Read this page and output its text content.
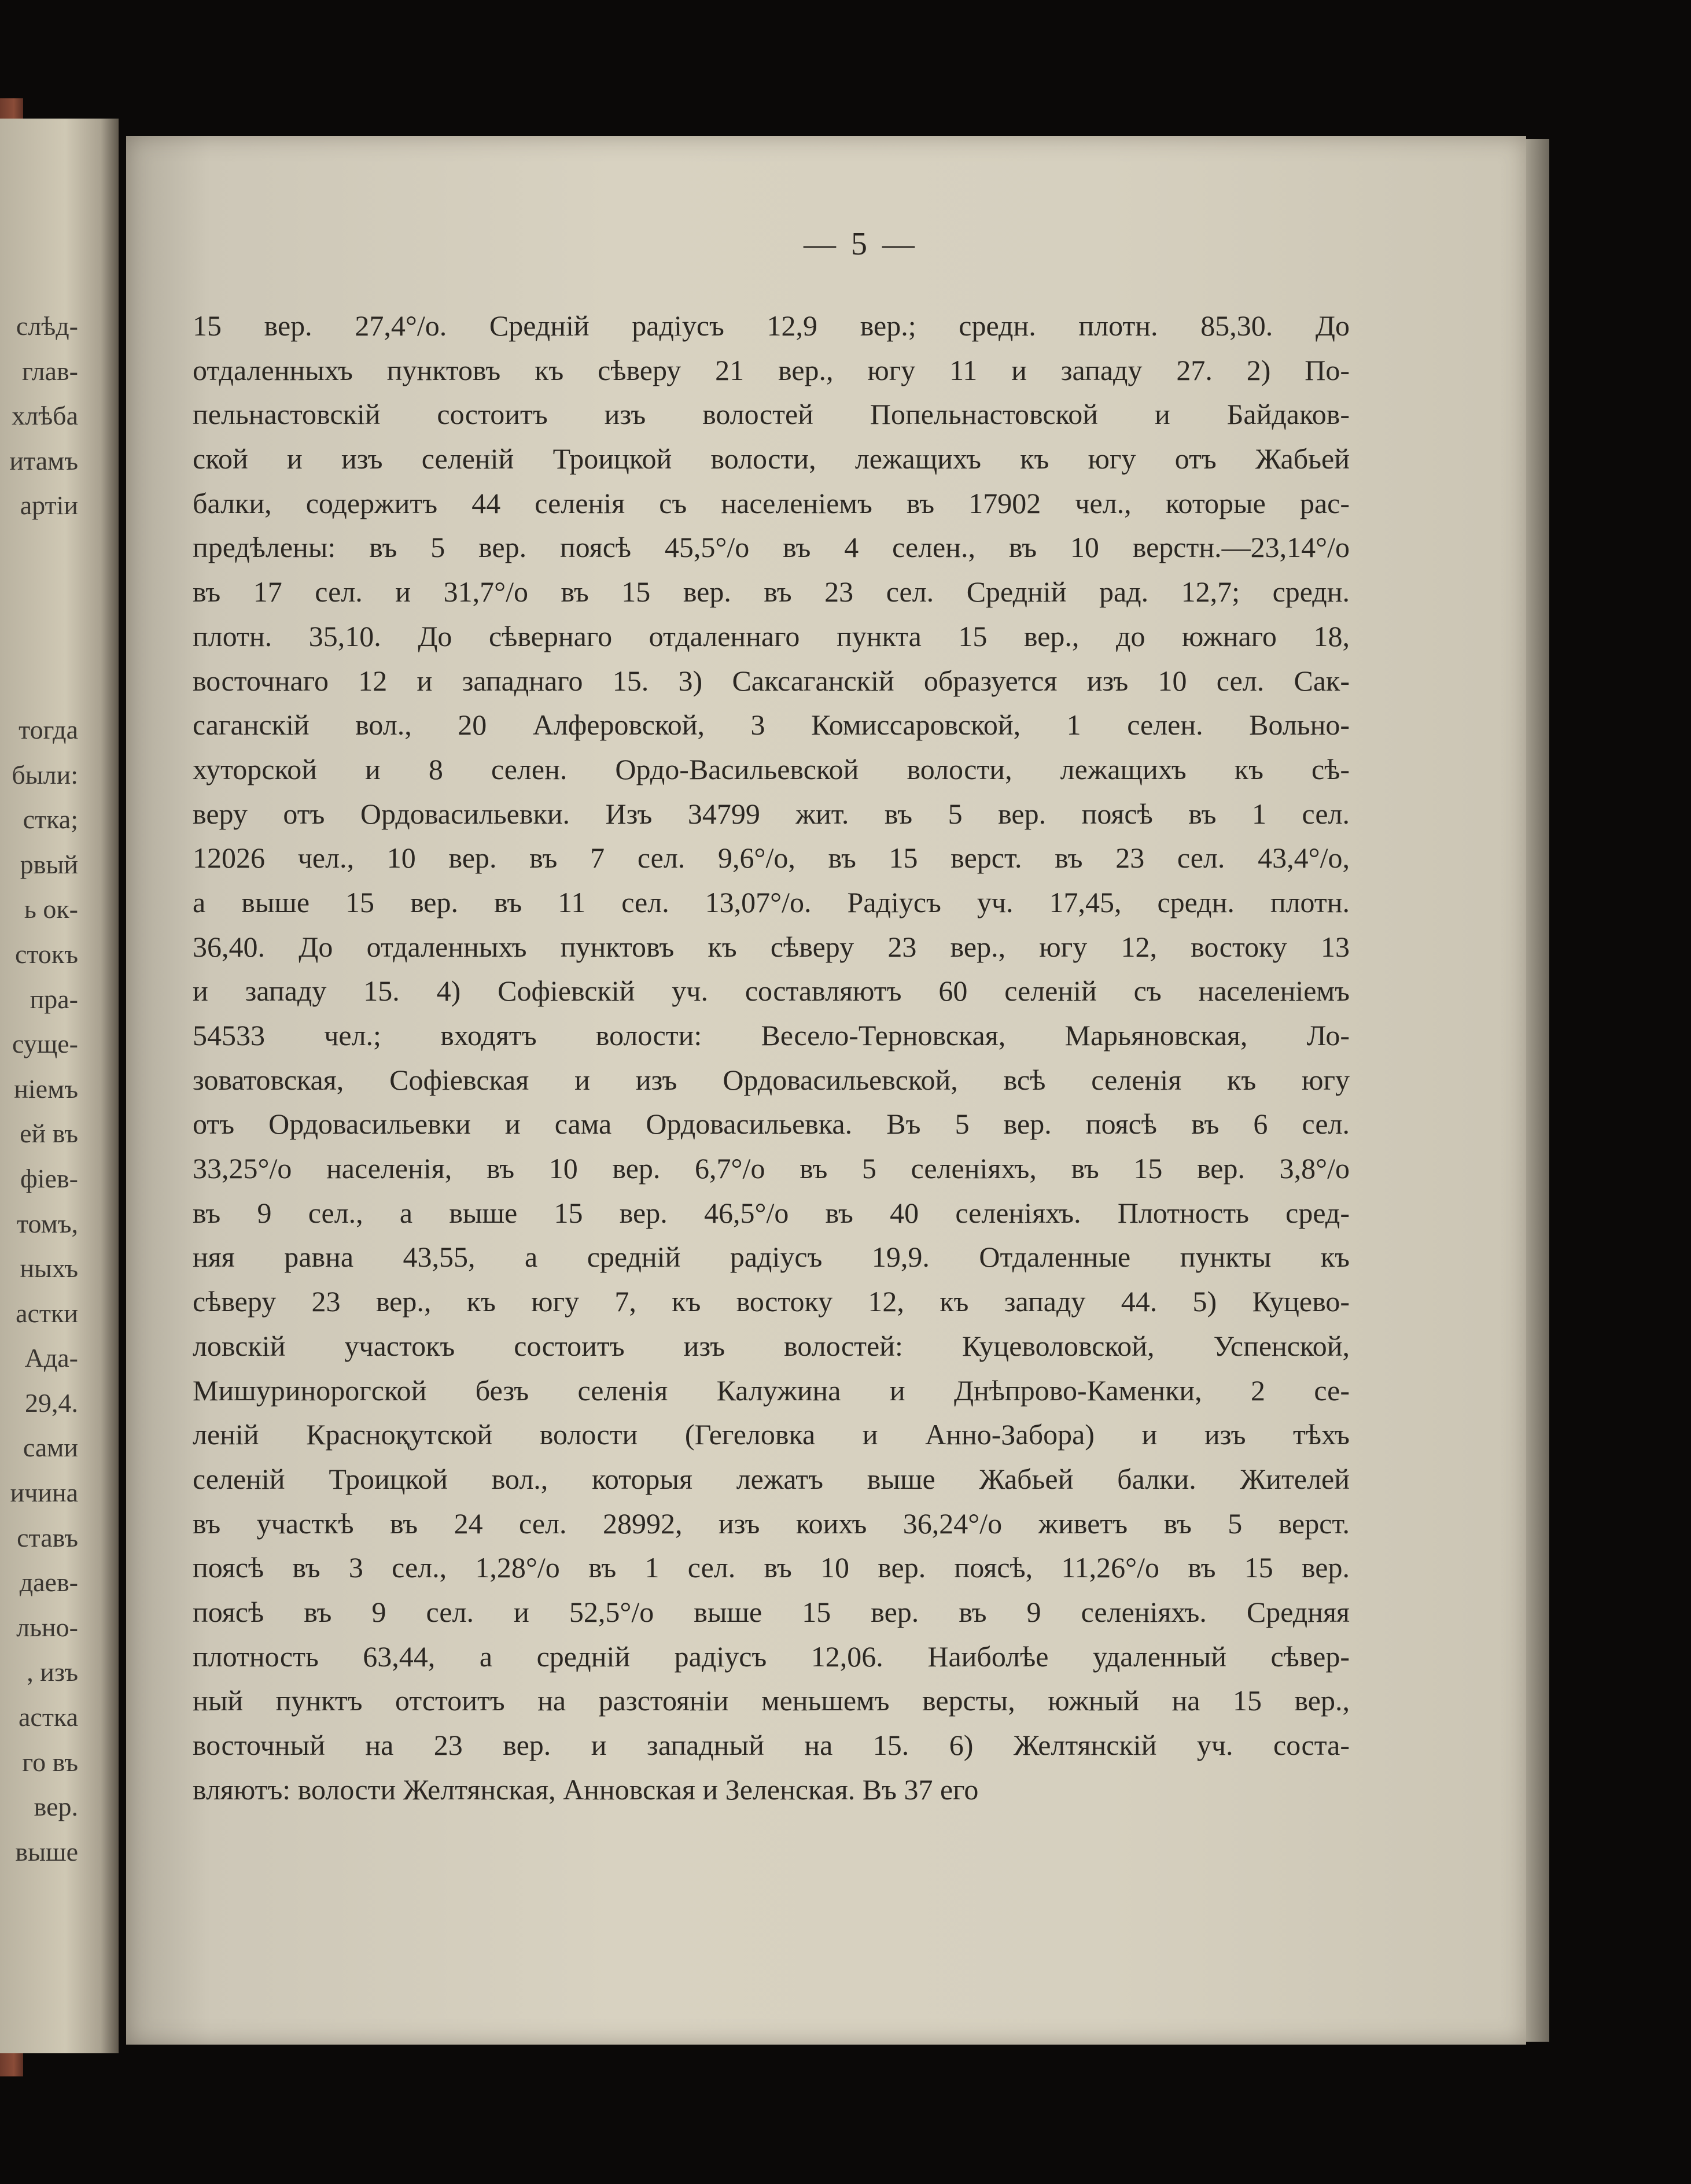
слѣд-
глав-
хлѣба
итамъ
артіи
тогда
были:
стка;
рвый
ь ок-
стокъ
пра-
суще-
ніемъ
ей въ
фіев-
томъ,
ныхъ
астки
Ада-
29,4.
сами
ичина
ставъ
даев-
льно-
, изъ
астка
го въ
вер.
выше
— 5 —
15 вер. 27,4°/о. Средній радіусъ 12,9 вер.; средн. плотн. 85,30. До
отдаленныхъ пунктовъ къ сѣверу 21 вер., югу 11 и западу 27. 2) По-
пельнастовскій состоитъ изъ волостей Попельнастовской и Байдаков-
ской и изъ селеній Троицкой волости, лежащихъ къ югу отъ Жабьей
балки, содержитъ 44 селенія съ населеніемъ въ 17902 чел., которые рас-
предѣлены: въ 5 вер. поясѣ 45,5°/о въ 4 селен., въ 10 верстн.—23,14°/о
въ 17 сел. и 31,7°/о въ 15 вер. въ 23 сел. Средній рад. 12,7; средн.
плотн. 35,10. До сѣвернаго отдаленнаго пункта 15 вер., до южнаго 18,
восточнаго 12 и западнаго 15. 3) Саксаганскій образуется изъ 10 сел. Сак-
саганскій вол., 20 Алферовской, 3 Комиссаровской, 1 селен. Вольно-
хуторской и 8 селен. Ордо-Васильевской волости, лежащихъ къ сѣ-
веру отъ Ордовасильевки. Изъ 34799 жит. въ 5 вер. поясѣ въ 1 сел.
12026 чел., 10 вер. въ 7 сел. 9,6°/о, въ 15 верст. въ 23 сел. 43,4°/о,
а выше 15 вер. въ 11 сел. 13,07°/о. Радіусъ уч. 17,45, средн. плотн.
36,40. До отдаленныхъ пунктовъ къ сѣверу 23 вер., югу 12, востоку 13
и западу 15. 4) Софіевскій уч. составляютъ 60 селеній съ населеніемъ
54533 чел.; входятъ волости: Весело-Терновская, Марьяновская, Ло-
зоватовская, Софіевская и изъ Ордовасильевской, всѣ селенія къ югу
отъ Ордовасильевки и сама Ордовасильевка. Въ 5 вер. поясѣ въ 6 сел.
33,25°/о населенія, въ 10 вер. 6,7°/о въ 5 селеніяхъ, въ 15 вер. 3,8°/о
въ 9 сел., а выше 15 вер. 46,5°/о въ 40 селеніяхъ. Плотность сред-
няя равна 43,55, а средній радіусъ 19,9. Отдаленные пункты къ
сѣверу 23 вер., къ югу 7, къ востоку 12, къ западу 44. 5) Куцево-
ловскій участокъ состоитъ изъ волостей: Куцеволовской, Успенской,
Мишуринорогской безъ селенія Калужина и Днѣпрово-Каменки, 2 се-
леній Красноқутской волости (Гегеловка и Анно-Забора) и изъ тѣхъ
селеній Троицкой вол., которыя лежатъ выше Жабьей балки. Жителей
въ участкѣ въ 24 сел. 28992, изъ коихъ 36,24°/о живетъ въ 5 верст.
поясѣ въ 3 сел., 1,28°/о въ 1 сел. въ 10 вер. поясѣ, 11,26°/о въ 15 вер.
поясѣ въ 9 сел. и 52,5°/о выше 15 вер. въ 9 селеніяхъ. Средняя
плотность 63,44, а средній радіусъ 12,06. Наиболѣе удаленный сѣвер-
ный пунктъ отстоитъ на разстояніи меньшемъ версты, южный на 15 вер.,
восточный на 23 вер. и западный на 15. 6) Желтянскій уч. соста-
вляютъ: волости Желтянская, Анновская и Зеленская. Въ 37 его
